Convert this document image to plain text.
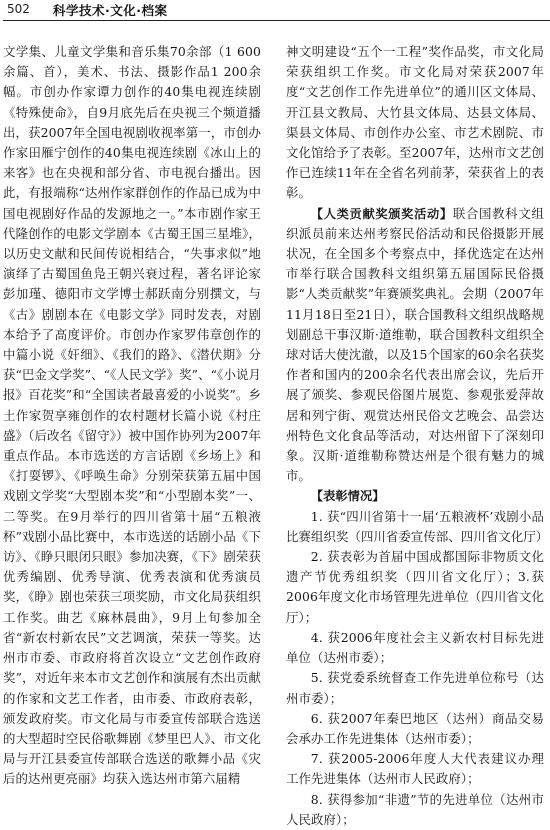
502 科学技术·文化·档案

文学集、儿童文学集和音乐集70余部（1 600余篇、首），美术、书法、摄影作品1 200余幅。市创办作家谭力创作的40集电视连续剧《特殊使命》，自9月底先后在央视三个频道播出，获2007年全国电视剧收视率第一，市创办作家田雁宁创作的40集电视连续剧《冰山上的来客》也在央视和部分省、市电视台播出。因此，有报端称“达州作家群创作的作品已成为中国电视剧好作品的发源地之一。”本市剧作家王代隆创作的电影文学剧本《古蜀王国三星堆》，以历史文献和民间传说相结合，“失事求似”地演绎了古蜀国鱼凫王朝兴衰过程，著名评论家彭加瑾、德阳市文学博士郝跃南分别撰文，与《古》剧剧本在《电影文学》同时发表，对剧本给予了高度评价。市创办作家罗伟章创作的中篇小说《奸细》、《我们的路》、《潜伏期》分获“巴金文学奖”、“《人民文学》奖”、“《小说月报》百花奖”和“全国读者最喜爱的小说奖”。乡土作家贺享雍创作的农村题材长篇小说《村庄盛》（后改名《留守》）被中国作协列为2007年重点作品。本市选送的方言话剧《乡场上》和《打耍锣》、《呼唤生命》分别荣获第五届中国戏剧文学奖“大型剧本奖”和“小型剧本奖”一、二等奖。在9月举行的四川省第十届“五粮液杯”戏剧小品比赛中，本市选送的话剧小品《下访》、《睁只眼闭只眼》参加决赛，《下》剧荣获优秀编剧、优秀导演、优秀表演和优秀演员奖，《睁》剧也荣获三项奖励，市文化局获组织工作奖。曲艺《麻林晨曲》，9月上旬参加全省“新农村新农民”文艺调演，荣获一等奖。达州市市委、市政府将首次设立“文艺创作政府奖”，对近年来本市文艺创作和演展有杰出贡献的作家和文艺工作者，由市委、市政府表彰，颁发政府奖。市文化局与市委宣传部联合选送的大型超时空民俗歌舞剧《梦里巴人》、市文化局与开江县委宣传部联合选送的歌舞小品《灾后的达州更亮丽》均获入选达州市第六届精

神文明建设“五个一工程”奖作品奖，市文化局荣获组织工作奖。市文化局对荣获2007年度“文艺创作工作先进单位”的通川区文体局、开江县文教局、大竹县文体局、达县文体局、渠县文体局、市创作办公室、市艺术剧院、市文化馆给予了表彰。至2007年，达州市文艺创作已连续11年在全省名列前茅，荣获省上的表彰。

【人类贡献奖颁奖活动】联合国教科文组织派员前来达州考察民俗活动和民俗摄影开展状况，在全国多个考察点中，择优选定在达州市举行联合国教科文组织第五届国际民俗摄影“人类贡献奖”年赛颁奖典礼。会期（2007年11月18日至21日），联合国教科文组织战略规划副总干事汉斯·道维勒，联合国教科文组织全球对话大使沈澈，以及15个国家的60余名获奖作者和国内的200余名代表出席会议，先后开展了颁奖、参观民俗图片展览、参观张爱萍故居和列宁街、观赏达州民俗文艺晚会、品尝达州特色文化食品等活动，对达州留下了深刻印象。汉斯·道维勒称赞达州是个很有魅力的城市。

【表彰情况】

1. 获“四川省第十一届‘五粮液杯’戏剧小品比赛组织奖（四川省委宣传部、四川省文化厅）

2. 获表彰为首届中国成都国际非物质文化遗产节优秀组织奖（四川省文化厅）；3.获2006年度文化市场管理先进单位（四川省文化厅）；

4. 获2006年度社会主义新农村目标先进单位（达州市委）；

5. 获党委系统督查工作先进单位称号（达州市委）；

6. 获2007年秦巴地区（达州）商品交易会承办工作先进集体（达州市委）；

7. 获2005-2006年度人大代表建议办理工作先进集体（达州市人民政府）；

8. 获得参加“非遗”节的先进单位（达州市人民政府）；
